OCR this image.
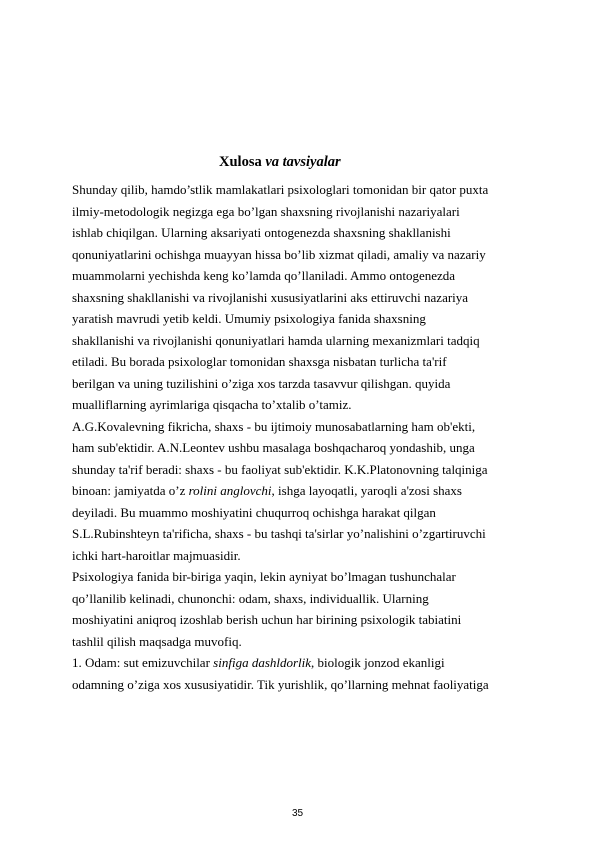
Xulosa va tavsiyalar
Shunday qilib, hamdo’stlik mamlakatlari psixologlari tomonidan bir qator puxta
ilmiy-metodologik negizga ega bo’lgan shaxsning rivojlanishi nazariyalari
ishlab chiqilgan. Ularning aksariyati ontogenezda shaxsning shakllanishi
qonuniyatlarini ochishga muayyan hissa bo’lib xizmat qiladi, amaliy va nazariy
muammolarni yechishda keng ko’lamda qo’llaniladi. Ammo ontogenezda
shaxsning shakllanishi va rivojlanishi xususiyatlarini aks ettiruvchi nazariya
yaratish mavrudi yetib keldi. Umumiy psixologiya fanida shaxsning
shakllanishi va rivojlanishi qonuniyatlari hamda ularning mexanizmlari tadqiq
etiladi. Bu borada psixologlar tomonidan shaxsga nisbatan turlicha ta'rif
berilgan va uning tuzilishini o’ziga xos tarzda tasavvur qilishgan. quyida
mualliflarning ayrimlariga qisqacha to’xtalib o’tamiz.
A.G.Kovalevning fikricha, shaxs - bu ijtimoiy munosabatlarning ham ob'ekti,
ham sub'ektidir. A.N.Leontev ushbu masalaga boshqacharoq yondashib, unga
shunday ta'rif beradi: shaxs - bu faoliyat sub'ektidir. K.K.Platonovning talqiniga
binoan: jamiyatda o’z rolini anglovchi, ishga layoqatli, yaroqli a'zosi shaxs
deyiladi. Bu muammo moshiyatini chuqurroq ochishga harakat qilgan
S.L.Rubinshteyn ta'rificha, shaxs - bu tashqi ta'sirlar yo’nalishini o’zgartiruvchi
ichki hart-haroitlar majmuasidir.
Psixologiya fanida bir-biriga yaqin, lekin ayniyat bo’lmagan tushunchalar
qo’llanilib kelinadi, chunonchi: odam, shaxs, individuallik. Ularning
moshiyatini aniqroq izoshlab berish uchun har birining psixologik tabiatini
tashlil qilish maqsadga muvofiq.
1. Odam: sut emizuvchilar sinfiga dashldorlik, biologik jonzod ekanligi
odamning o’ziga xos xususiyatidir. Tik yurishlik, qo’llarning mehnat faoliyatiga
35
